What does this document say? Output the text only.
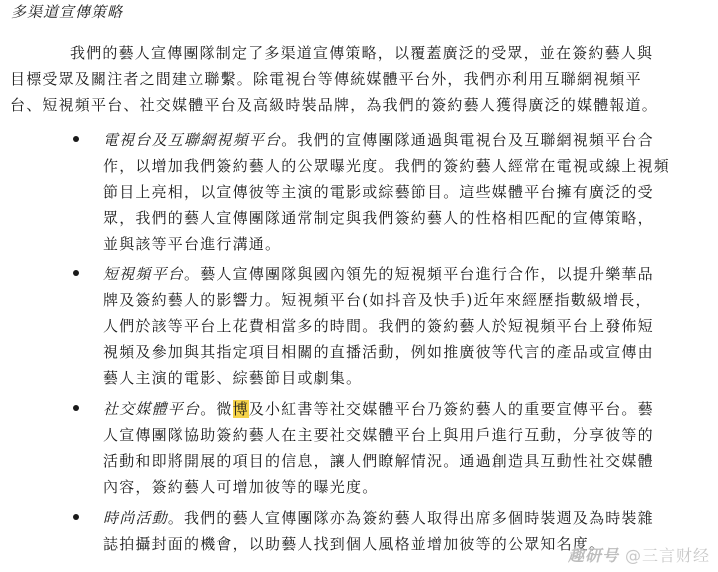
多渠道宣傳策略
我們的藝人宣傳團隊制定了多渠道宣傳策略，以覆蓋廣泛的受眾，並在簽約藝人與
目標受眾及關注者之間建立聯繫。除電視台等傳統媒體平台外，我們亦利用互聯網視頻平
台、短視頻平台、社交媒體平台及高級時裝品牌，為我們的簽約藝人獲得廣泛的媒體報道。
電視台及互聯網視頻平台。我們的宣傳團隊通過與電視台及互聯網視頻平台合
作，以增加我們簽約藝人的公眾曝光度。我們的簽約藝人經常在電視或線上視頻
節目上亮相，以宣傳彼等主演的電影或綜藝節目。這些媒體平台擁有廣泛的受
眾，我們的藝人宣傳團隊通常制定與我們簽約藝人的性格相匹配的宣傳策略，
並與該等平台進行溝通。
短視頻平台。藝人宣傳團隊與國內領先的短視頻平台進行合作，以提升樂華品
牌及簽約藝人的影響力。短視頻平台(如抖音及快手)近年來經歷指數級增長，
人們於該等平台上花費相當多的時間。我們的簽約藝人於短視頻平台上發佈短
視頻及參加與其指定項目相關的直播活動，例如推廣彼等代言的產品或宣傳由
藝人主演的電影、綜藝節目或劇集。
社交媒體平台。微博及小紅書等社交媒體平台乃簽約藝人的重要宣傳平台。藝
人宣傳團隊協助簽約藝人在主要社交媒體平台上與用戶進行互動，分享彼等的
活動和即將開展的項目的信息，讓人們瞭解情況。通過創造具互動性社交媒體
內容，簽約藝人可增加彼等的曝光度。
時尚活動。我們的藝人宣傳團隊亦為簽約藝人取得出席多個時裝週及為時裝雜
誌拍攝封面的機會，以助藝人找到個人風格並增加彼等的公眾知名度。
趣研号 @三言财经
